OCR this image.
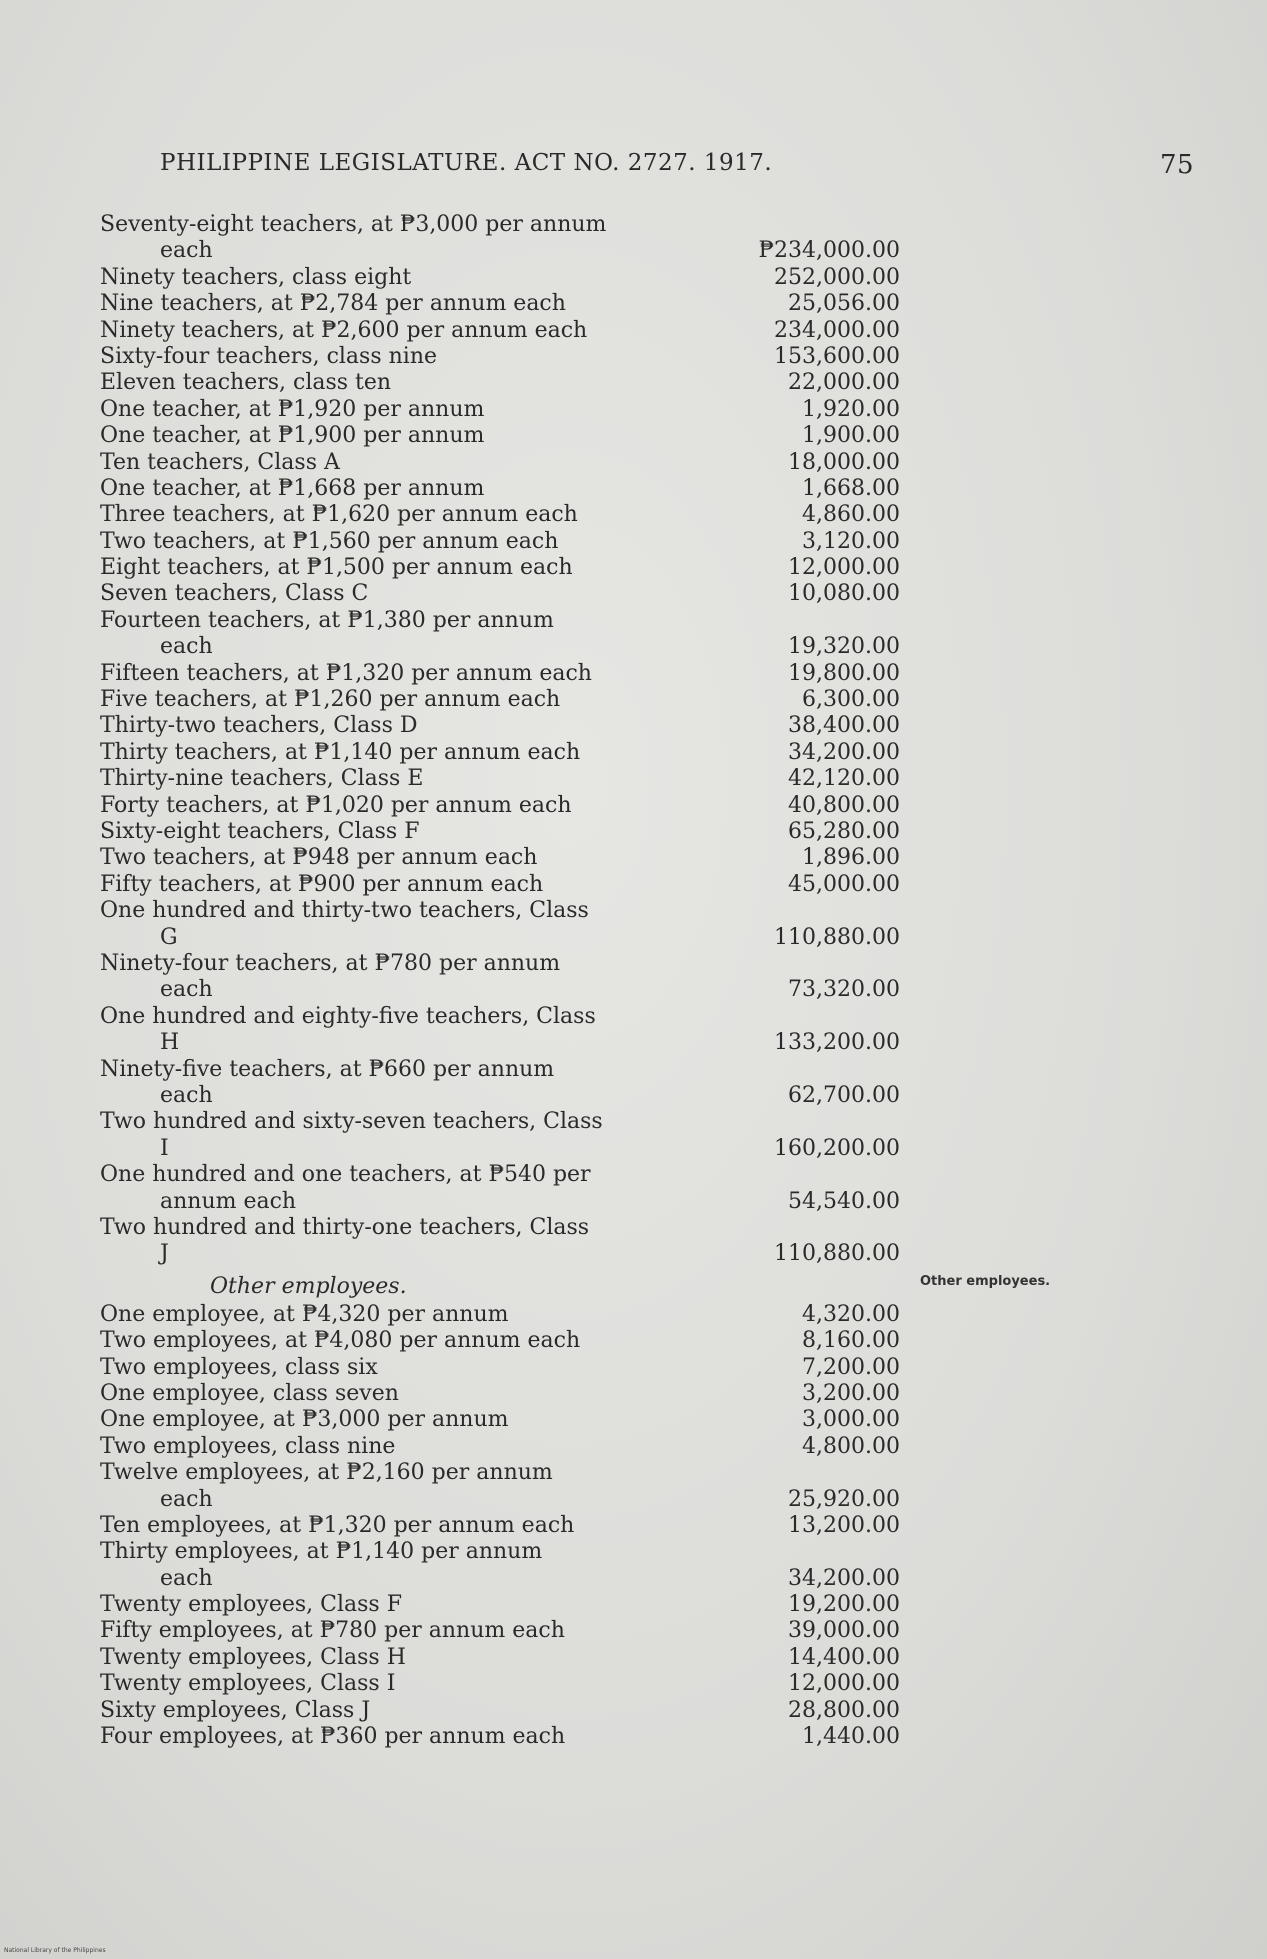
PHILIPPINE LEGISLATURE. ACT NO. 2727. 1917.	75
Seventy-eight teachers, at ₱3,000 per annum
each	₱234,000.00
Ninety teachers, class eight	252,000.00
Nine teachers, at ₱2,784 per annum each	25,056.00
Ninety teachers, at ₱2,600 per annum each	234,000.00
Sixty-four teachers, class nine	153,600.00
Eleven teachers, class ten	22,000.00
One teacher, at ₱1,920 per annum	1,920.00
One teacher, at ₱1,900 per annum	1,900.00
Ten teachers, Class A	18,000.00
One teacher, at ₱1,668 per annum	1,668.00
Three teachers, at ₱1,620 per annum each	4,860.00
Two teachers, at ₱1,560 per annum each	3,120.00
Eight teachers, at ₱1,500 per annum each	12,000.00
Seven teachers, Class C	10,080.00
Fourteen teachers, at ₱1,380 per annum
each	19,320.00
Fifteen teachers, at ₱1,320 per annum each	19,800.00
Five teachers, at ₱1,260 per annum each	6,300.00
Thirty-two teachers, Class D	38,400.00
Thirty teachers, at ₱1,140 per annum each	34,200.00
Thirty-nine teachers, Class E	42,120.00
Forty teachers, at ₱1,020 per annum each	40,800.00
Sixty-eight teachers, Class F	65,280.00
Two teachers, at ₱948 per annum each	1,896.00
Fifty teachers, at ₱900 per annum each	45,000.00
One hundred and thirty-two teachers, Class
G	110,880.00
Ninety-four teachers, at ₱780 per annum
each	73,320.00
One hundred and eighty-five teachers, Class
H	133,200.00
Ninety-five teachers, at ₱660 per annum
each	62,700.00
Two hundred and sixty-seven teachers, Class
I	160,200.00
One hundred and one teachers, at ₱540 per
annum each	54,540.00
Two hundred and thirty-one teachers, Class
J	110,880.00
Other employees.
One employee, at ₱4,320 per annum	4,320.00
Two employees, at ₱4,080 per annum each	8,160.00
Two employees, class six	7,200.00
One employee, class seven	3,200.00
One employee, at ₱3,000 per annum	3,000.00
Two employees, class nine	4,800.00
Twelve employees, at ₱2,160 per annum
each	25,920.00
Ten employees, at ₱1,320 per annum each	13,200.00
Thirty employees, at ₱1,140 per annum
each	34,200.00
Twenty employees, Class F	19,200.00
Fifty employees, at ₱780 per annum each	39,000.00
Twenty employees, Class H	14,400.00
Twenty employees, Class I	12,000.00
Sixty employees, Class J	28,800.00
Four employees, at ₱360 per annum each	1,440.00
Other employees.
National Library of the Philippines
